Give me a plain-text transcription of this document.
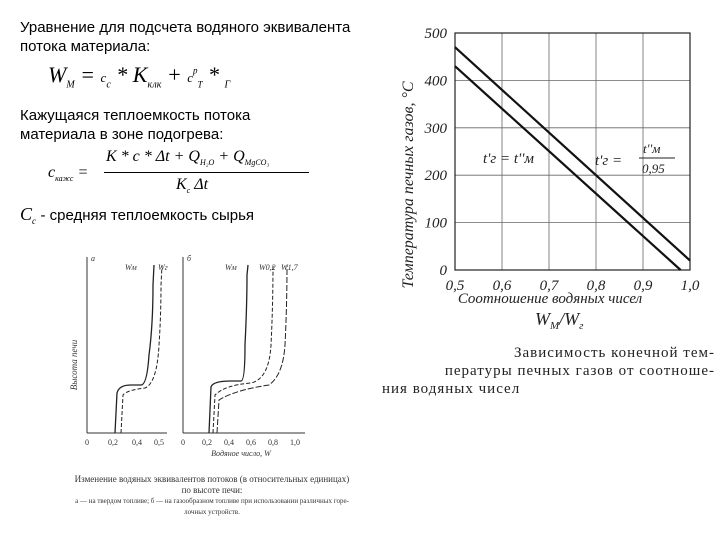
Уравнение для подсчета водяного эквивалента
потока материала:
$W_M = c_c * K_{клк} + c^p_T * _Г$
Кажущаяся теплоемкость потока
материала в зоне подогрева:
$c_{кажс}$ =
$K * c * \Delta t + Q_{H_2O} + Q_{MgCO_3}$
$K_c$ Δt
$C_c$ - средняя теплоемкость сырья
0,5 0,6 0,7 0,8 0,9 1,0
0
100
200
300
400
500
Температура печных газов, °С
Соотношение водяных чисел
$W_М/W_г$
t'г = t''м	t'г =
t''м
0,95
Зависимость конечной тем-
пературы печных газов от соотноше-
ния водяных чисел
Высота печи
а	б
Wм	Wг	Wм	W0,2 W1,7
0 0,2 0,4 0,5 0 0,2 0,4 0,6 0,8 1,0
Водяное число, W
Изменение водяных эквивалентов потоков (в относительных единицах)
по высоте печи:
а — на твердом топливе; б — на газообразном топливе при использовании различных горе-
лочных устройств.
